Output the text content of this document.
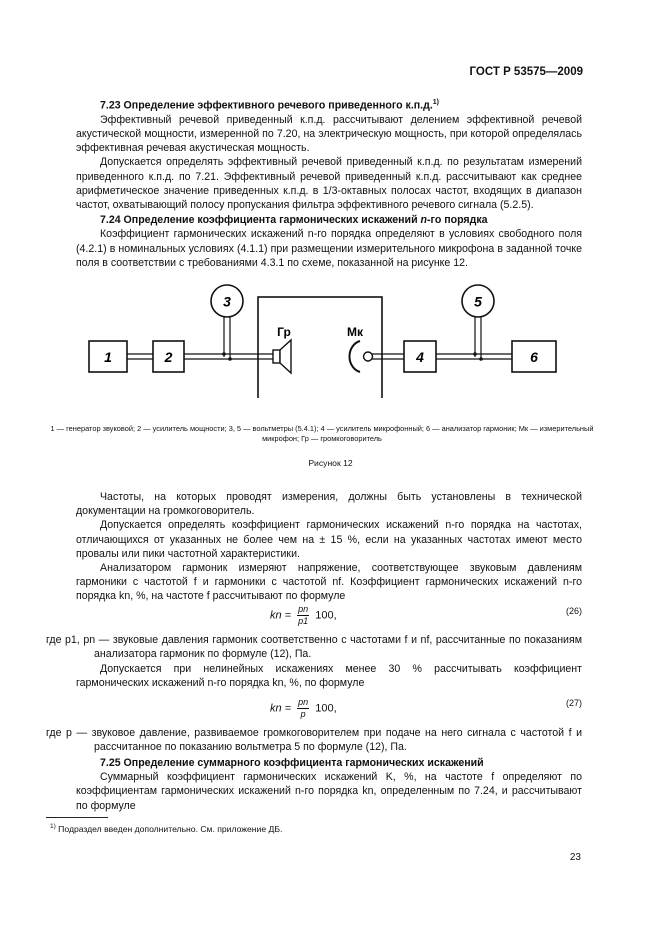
ГОСТ Р 53575—2009

7.23 Определение эффективного речевого приведенного к.п.д.$^{1)}$

Эффективный речевой приведенный к.п.д. рассчитывают делением эффективной речевой акустической мощности, измеренной по 7.20, на электрическую мощность, при которой определялась эффективная речевая акустическая мощность.

Допускается определять эффективный речевой приведенный к.п.д. по результатам измерений приведенного к.п.д. по 7.21. Эффективный речевой приведенный к.п.д. рассчитывают как среднее арифметическое значение приведенных к.п.д. в 1/3-октавных полосах частот, входящих в диапазон частот, охватывающий полосу пропускания фильтра эффективного речевого сигнала (5.2.5).

7.24 Определение коэффициента гармонических искажений n-го порядка

Коэффициент гармонических искажений n-го порядка определяют в условиях свободного поля (4.2.1) в номинальных условиях (4.1.1) при размещении измерительного микрофона в заданной точке поля в соответствии с требованиями 4.3.1 по схеме, показанной на рисунке 12.

3	5
1	2	4	6
Гр	Мк
1 — генератор звуковой; 2 — усилитель мощности; 3, 5 — вольтметры (5.4.1); 4 — усилитель микрофонный; 6 — анализатор гармоник; Мк — измерительный микрофон; Гр — громкоговоритель
Рисунок 12

Частоты, на которых проводят измерения, должны быть установлены в технической документации на громкоговоритель.

Допускается определять коэффициент гармонических искажений n-го порядка на частотах, отличающихся от указанных не более чем на ± 15 %, если на указанных частотах имеют место провалы или пики частотной характеристики.

Анализатором гармоник измеряют напряжение, соответствующее звуковым давлениям гармоники с частотой f и гармоники с частотой nf. Коэффициент гармонических искажений n-го порядка kn, %, на частоте f рассчитывают по формуле

kn = $\frac{pn}{p1} 100$,	(26)

где p1, pn — звуковые давления гармоник соответственно с частотами f и nf, рассчитанные по показаниям анализатора гармоник по формуле (12), Па.

Допускается при нелинейных искажениях менее 30 % рассчитывать коэффициент гармонических искажений n-го порядка kn, %, по формуле

kn = $\frac{pn}{p} 100$,	(27)

где p — звуковое давление, развиваемое громкоговорителем при подаче на него сигнала с частотой f и рассчитанное по показанию вольтметра 5 по формуле (12), Па.

7.25 Определение суммарного коэффициента гармонических искажений

Суммарный коэффициент гармонических искажений K, %, на частоте f определяют по коэффициентам гармонических искажений n-го порядка kn, определенным по 7.24, и рассчитывают по формуле

$^{1)}$ Подраздел введен дополнительно. См. приложение ДБ.
23
